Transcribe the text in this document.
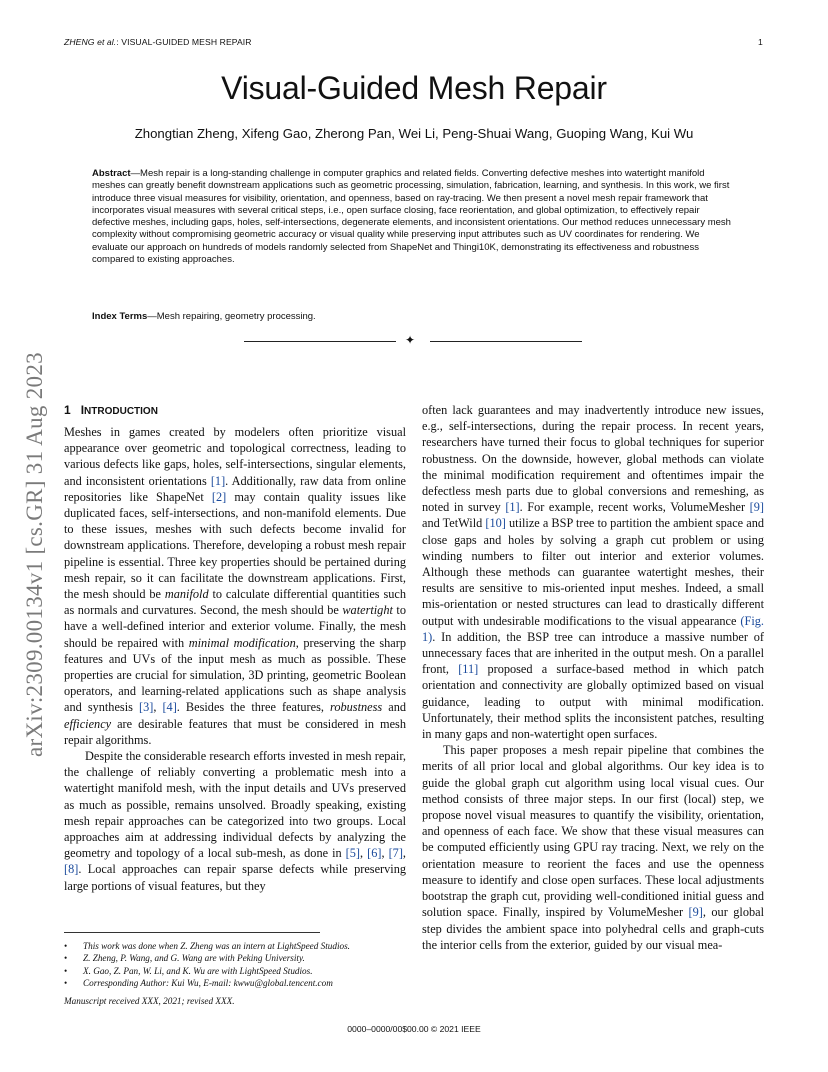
ZHENG et al.: VISUAL-GUIDED MESH REPAIR	1
arXiv:2309.00134v1 [cs.GR] 31 Aug 2023
Visual-Guided Mesh Repair
Zhongtian Zheng, Xifeng Gao, Zherong Pan, Wei Li, Peng-Shuai Wang, Guoping Wang, Kui Wu

Abstract—Mesh repair is a long-standing challenge in computer graphics and related fields. Converting defective meshes into watertight manifold meshes can greatly benefit downstream applications such as geometric processing, simulation, fabrication, learning, and synthesis. In this work, we first introduce three visual measures for visibility, orientation, and openness, based on ray-tracing. We then present a novel mesh repair framework that incorporates visual measures with several critical steps, i.e., open surface closing, face reorientation, and global optimization, to effectively repair defective meshes, including gaps, holes, self-intersections, degenerate elements, and inconsistent orientations. Our method reduces unnecessary mesh complexity without compromising geometric accuracy or visual quality while preserving input attributes such as UV coordinates for rendering. We evaluate our approach on hundreds of models randomly selected from ShapeNet and Thingi10K, demonstrating its effectiveness and robustness compared to existing approaches.

Index Terms—Mesh repairing, geometry processing.

✦
1 INTRODUCTION

Meshes in games created by modelers often prioritize visual appearance over geometric and topological correctness, leading to various defects like gaps, holes, self-intersections, singular elements, and inconsistent orientations [1]. Additionally, raw data from online repositories like ShapeNet [2] may contain quality issues like duplicated faces, self-intersections, and non-manifold elements. Due to these issues, meshes with such defects become invalid for downstream applications. Therefore, developing a robust mesh repair pipeline is essential. Three key properties should be pertained during mesh repair, so it can facilitate the downstream applications. First, the mesh should be manifold to calculate differential quantities such as normals and curvatures. Second, the mesh should be watertight to have a well-defined interior and exterior volume. Finally, the mesh should be repaired with minimal modification, preserving the sharp features and UVs of the input mesh as much as possible. These properties are crucial for simulation, 3D printing, geometric Boolean operators, and learning-related applications such as shape analysis and synthesis [3], [4]. Besides the three features, robustness and efficiency are desirable features that must be considered in mesh repair algorithms.

Despite the considerable research efforts invested in mesh repair, the challenge of reliably converting a problematic mesh into a watertight manifold mesh, with the input details and UVs preserved as much as possible, remains unsolved. Broadly speaking, existing mesh repair approaches can be categorized into two groups. Local approaches aim at addressing individual defects by analyzing the geometry and topology of a local sub-mesh, as done in [5], [6], [7], [8]. Local approaches can repair sparse defects while preserving large portions of visual features, but they

often lack guarantees and may inadvertently introduce new issues, e.g., self-intersections, during the repair process. In recent years, researchers have turned their focus to global techniques for superior robustness. On the downside, however, global methods can violate the minimal modification requirement and oftentimes impair the defectless mesh parts due to global conversions and remeshing, as noted in survey [1]. For example, recent works, VolumeMesher [9] and TetWild [10] utilize a BSP tree to partition the ambient space and close gaps and holes by solving a graph cut problem or using winding numbers to filter out interior and exterior volumes. Although these methods can guarantee watertight meshes, their results are sensitive to mis-oriented input meshes. Indeed, a small mis-orientation or nested structures can lead to drastically different output with undesirable modifications to the visual appearance (Fig. 1). In addition, the BSP tree can introduce a massive number of unnecessary faces that are inherited in the output mesh. On a parallel front, [11] proposed a surface-based method in which patch orientation and connectivity are globally optimized based on visual guidance, leading to output with minimal modification. Unfortunately, their method splits the inconsistent patches, resulting in many gaps and non-watertight open surfaces.

This paper proposes a mesh repair pipeline that combines the merits of all prior local and global algorithms. Our key idea is to guide the global graph cut algorithm using local visual cues. Our method consists of three major steps. In our first (local) step, we propose novel visual measures to quantify the visibility, orientation, and openness of each face. We show that these visual measures can be computed efficiently using GPU ray tracing. Next, we rely on the orientation measure to reorient the faces and use the openness measure to identify and close open surfaces. These local adjustments bootstrap the graph cut, providing well-conditioned initial guess and solution space. Finally, inspired by VolumeMesher [9], our global step divides the ambient space into polyhedral cells and graph-cuts the interior cells from the exterior, guided by our visual mea-

• This work was done when Z. Zheng was an intern at LightSpeed Studios.
• Z. Zheng, P. Wang, and G. Wang are with Peking University.
• X. Gao, Z. Pan, W. Li, and K. Wu are with LightSpeed Studios.
• Corresponding Author: Kui Wu, E-mail: kwwu@global.tencent.com
Manuscript received XXX, 2021; revised XXX.
0000–0000/00$00.00 © 2021 IEEE
